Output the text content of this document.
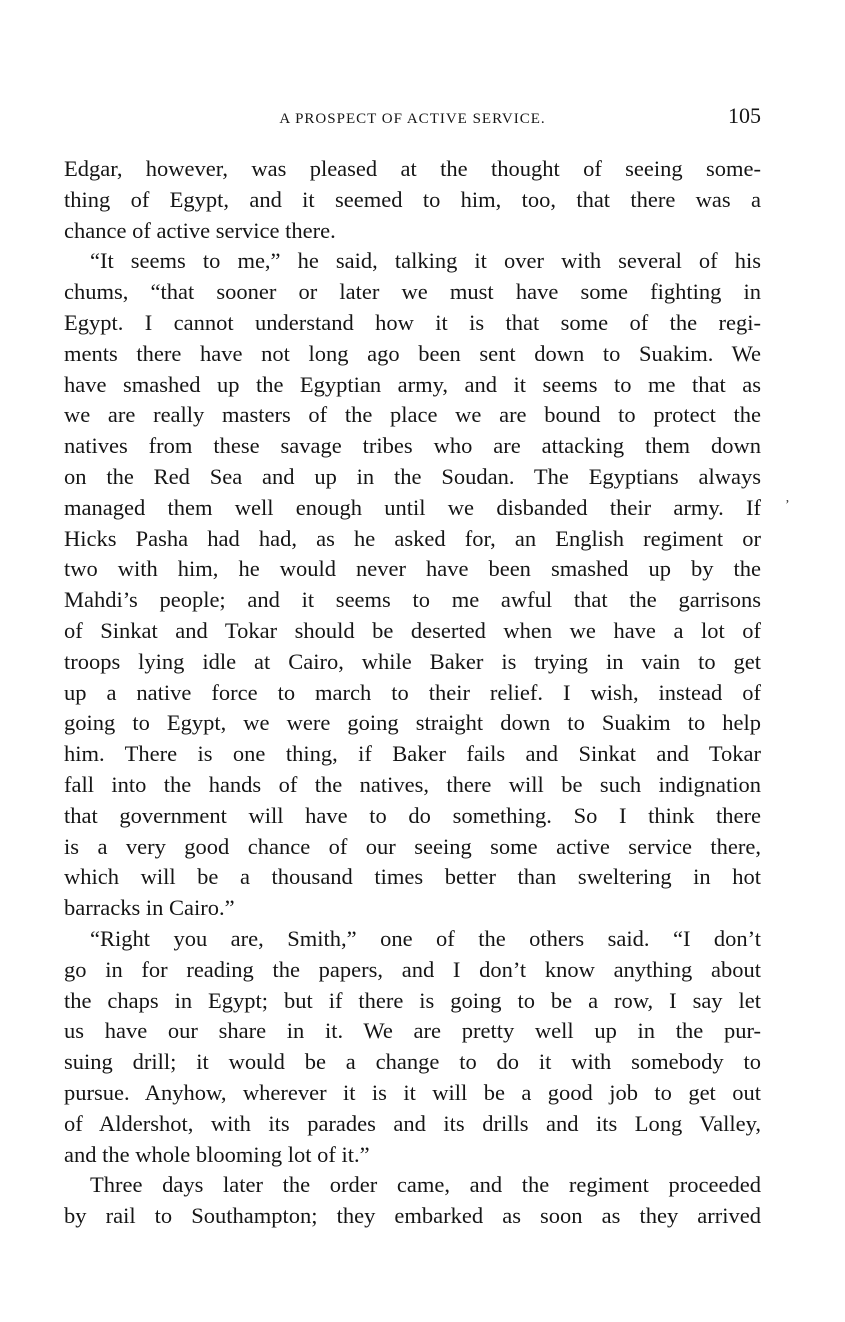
A PROSPECT OF ACTIVE SERVICE.	105
Edgar, however, was pleased at the thought of seeing some-
thing of Egypt, and it seemed to him, too, that there was a
chance of active service there.
“It seems to me,” he said, talking it over with several of his
chums, “that sooner or later we must have some fighting in
Egypt. I cannot understand how it is that some of the regi-
ments there have not long ago been sent down to Suakim. We
have smashed up the Egyptian army, and it seems to me that as
we are really masters of the place we are bound to protect the
natives from these savage tribes who are attacking them down
on the Red Sea and up in the Soudan. The Egyptians always
managed them well enough until we disbanded their army. If
Hicks Pasha had had, as he asked for, an English regiment or
two with him, he would never have been smashed up by the
Mahdi’s people; and it seems to me awful that the garrisons
of Sinkat and Tokar should be deserted when we have a lot of
troops lying idle at Cairo, while Baker is trying in vain to get
up a native force to march to their relief. I wish, instead of
going to Egypt, we were going straight down to Suakim to help
him. There is one thing, if Baker fails and Sinkat and Tokar
fall into the hands of the natives, there will be such indignation
that government will have to do something. So I think there
is a very good chance of our seeing some active service there,
which will be a thousand times better than sweltering in hot
barracks in Cairo.”
“Right you are, Smith,” one of the others said. “I don’t
go in for reading the papers, and I don’t know anything about
the chaps in Egypt; but if there is going to be a row, I say let
us have our share in it. We are pretty well up in the pur-
suing drill; it would be a change to do it with somebody to
pursue. Anyhow, wherever it is it will be a good job to get out
of Aldershot, with its parades and its drills and its Long Valley,
and the whole blooming lot of it.”
Three days later the order came, and the regiment proceeded
by rail to Southampton; they embarked as soon as they arrived
’
